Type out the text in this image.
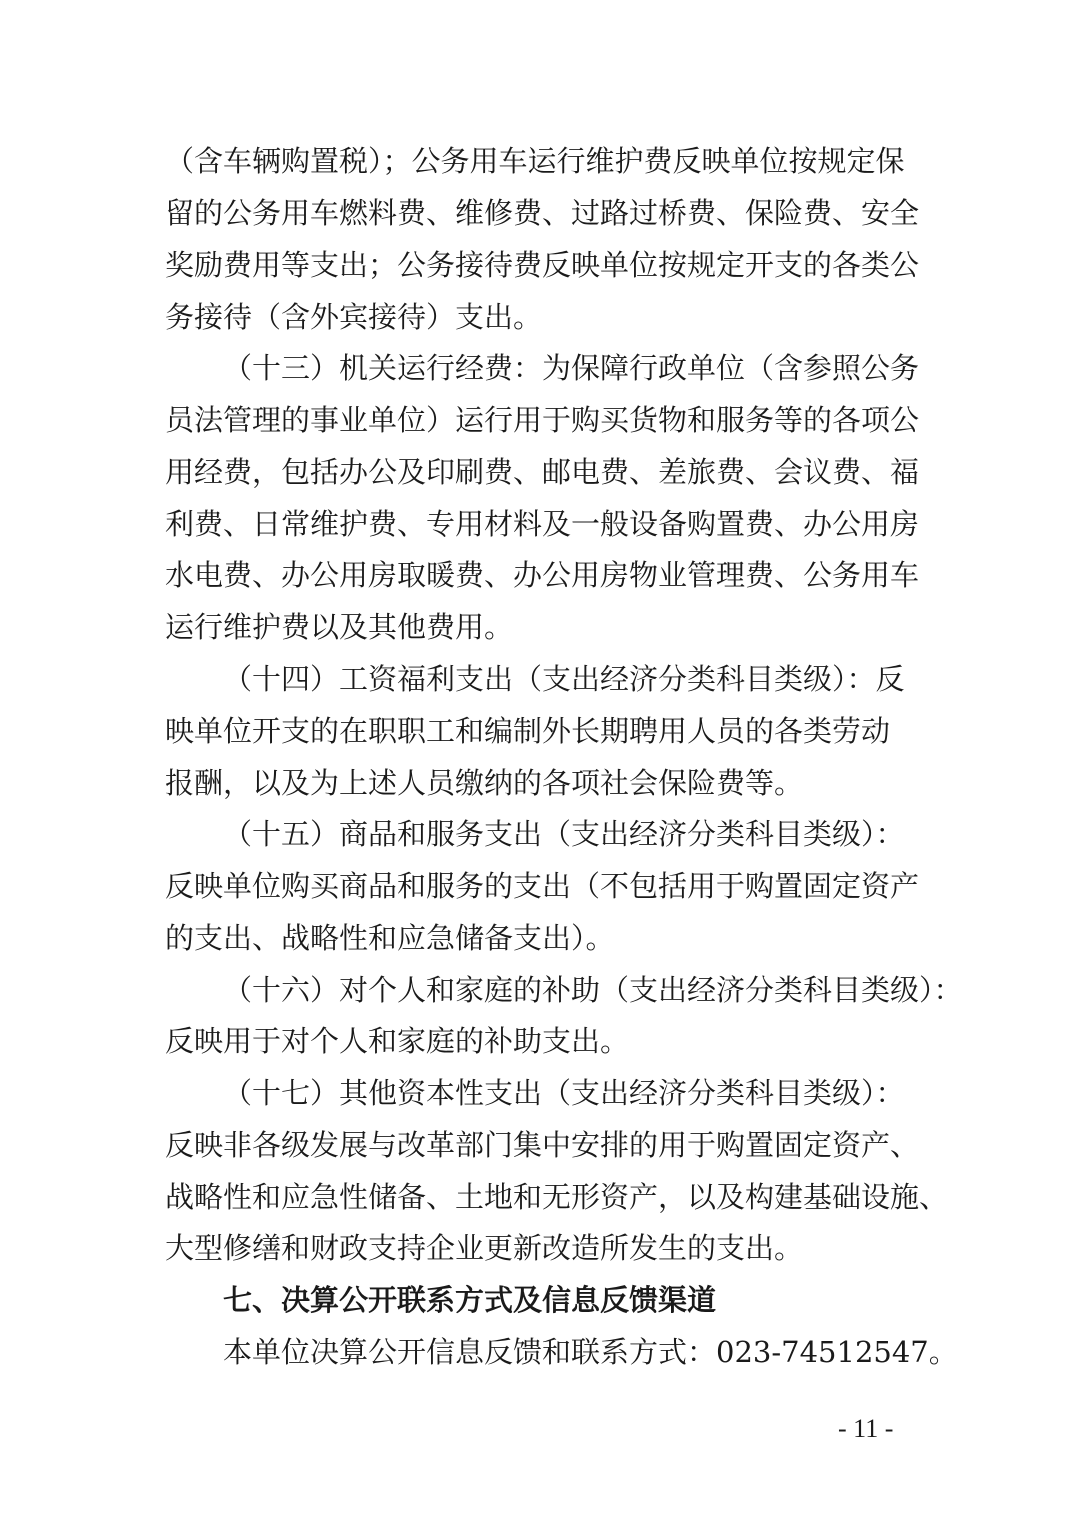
（含车辆购置税）；公务用车运行维护费反映单位按规定保
留的公务用车燃料费、维修费、过路过桥费、保险费、安全
奖励费用等支出；公务接待费反映单位按规定开支的各类公
务接待（含外宾接待）支出。
（十三）机关运行经费：为保障行政单位（含参照公务
员法管理的事业单位）运行用于购买货物和服务等的各项公
用经费，包括办公及印刷费、邮电费、差旅费、会议费、福
利费、日常维护费、专用材料及一般设备购置费、办公用房
水电费、办公用房取暖费、办公用房物业管理费、公务用车
运行维护费以及其他费用。
（十四）工资福利支出（支出经济分类科目类级）：反
映单位开支的在职职工和编制外长期聘用人员的各类劳动
报酬，以及为上述人员缴纳的各项社会保险费等。
（十五）商品和服务支出（支出经济分类科目类级）：
反映单位购买商品和服务的支出（不包括用于购置固定资产
的支出、战略性和应急储备支出）。
（十六）对个人和家庭的补助（支出经济分类科目类级）：
反映用于对个人和家庭的补助支出。
（十七）其他资本性支出（支出经济分类科目类级）：
反映非各级发展与改革部门集中安排的用于购置固定资产、
战略性和应急性储备、土地和无形资产，以及构建基础设施、
大型修缮和财政支持企业更新改造所发生的支出。
七、决算公开联系方式及信息反馈渠道
本单位决算公开信息反馈和联系方式：023-74512547。
- 11 -
